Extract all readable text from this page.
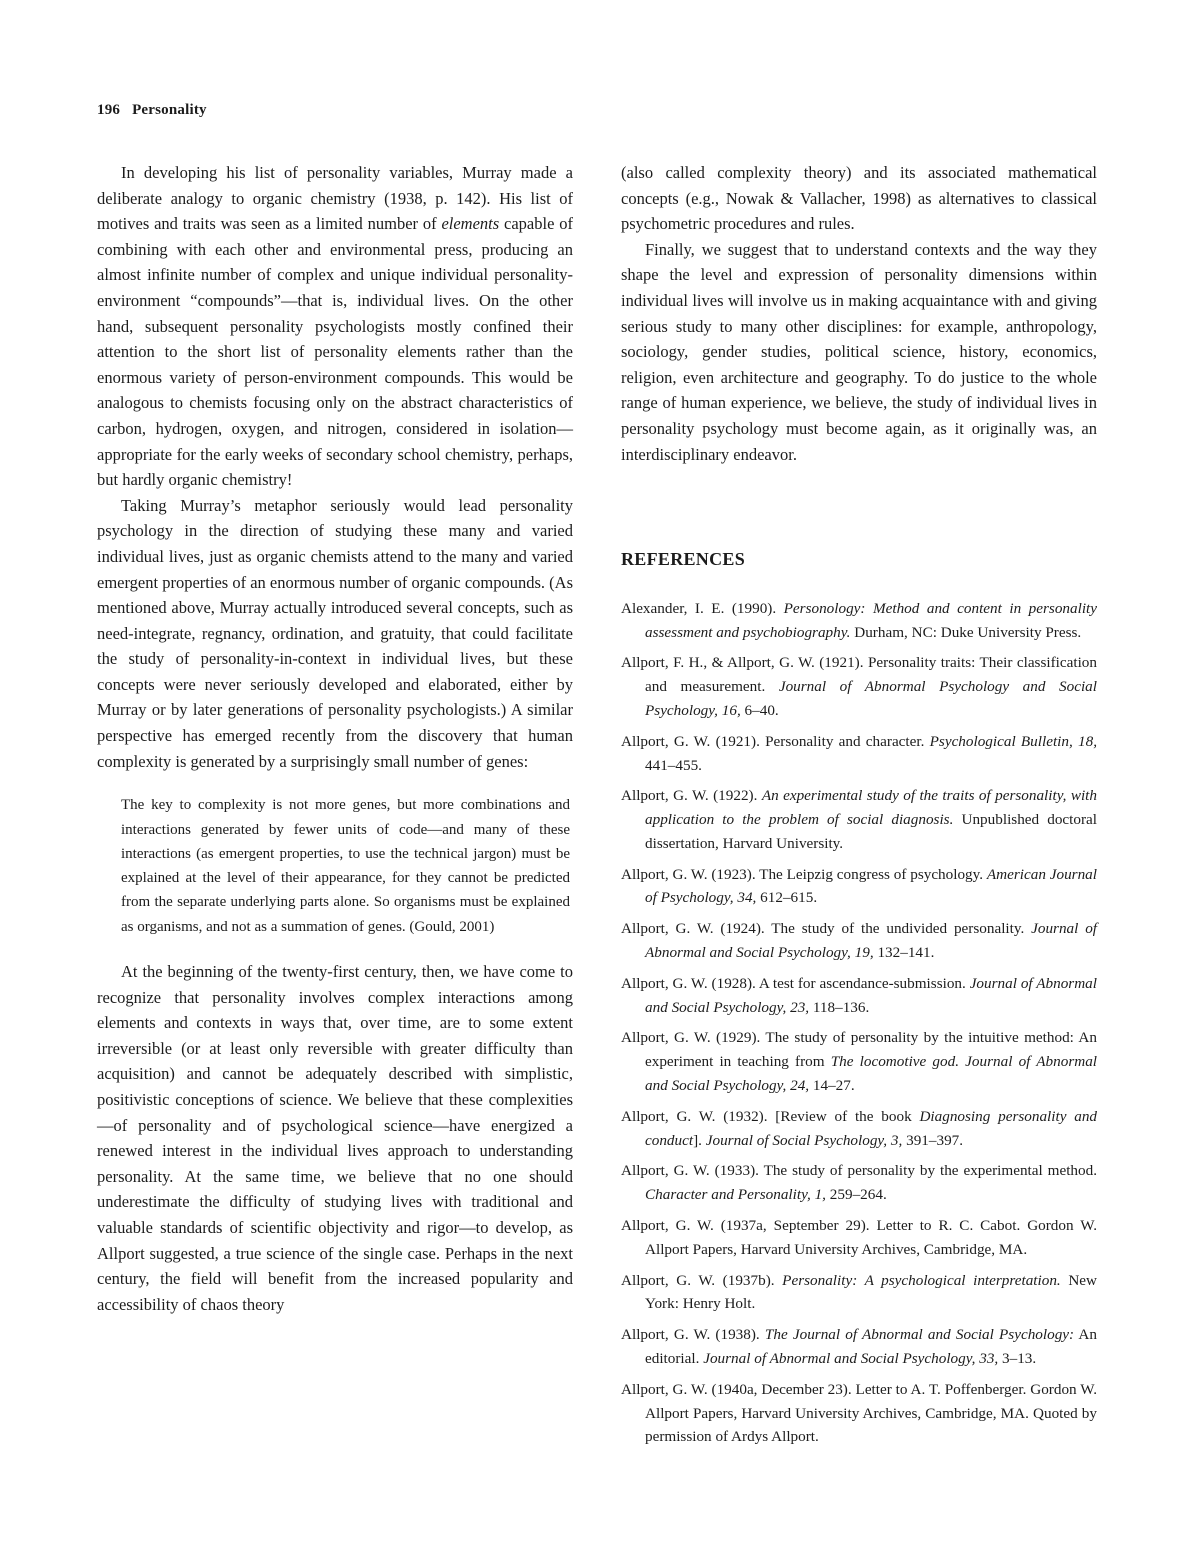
196 Personality

In developing his list of personality variables, Murray made a deliberate analogy to organic chemistry (1938, p. 142). His list of motives and traits was seen as a limited number of elements capable of combining with each other and environmental press, producing an almost infinite number of complex and unique individual personality-environment “compounds”—that is, individual lives. On the other hand, subsequent personality psychologists mostly confined their attention to the short list of personality elements rather than the enormous variety of person-environment compounds. This would be analogous to chemists focusing only on the abstract characteristics of carbon, hydrogen, oxygen, and nitrogen, considered in isolation—appropriate for the early weeks of secondary school chemistry, perhaps, but hardly organic chemistry!

Taking Murray’s metaphor seriously would lead personality psychology in the direction of studying these many and varied individual lives, just as organic chemists attend to the many and varied emergent properties of an enormous number of organic compounds. (As mentioned above, Murray actually introduced several concepts, such as need-integrate, regnancy, ordination, and gratuity, that could facilitate the study of personality-in-context in individual lives, but these concepts were never seriously developed and elaborated, either by Murray or by later generations of personality psychologists.) A similar perspective has emerged recently from the discovery that human complexity is generated by a surprisingly small number of genes:

The key to complexity is not more genes, but more combinations and interactions generated by fewer units of code—and many of these interactions (as emergent properties, to use the technical jargon) must be explained at the level of their appearance, for they cannot be predicted from the separate underlying parts alone. So organisms must be explained as organisms, and not as a summation of genes. (Gould, 2001)

At the beginning of the twenty-first century, then, we have come to recognize that personality involves complex interactions among elements and contexts in ways that, over time, are to some extent irreversible (or at least only reversible with greater difficulty than acquisition) and cannot be adequately described with simplistic, positivistic conceptions of science. We believe that these complexities—of personality and of psychological science—have energized a renewed interest in the individual lives approach to understanding personality. At the same time, we believe that no one should underestimate the difficulty of studying lives with traditional and valuable standards of scientific objectivity and rigor—to develop, as Allport suggested, a true science of the single case. Perhaps in the next century, the field will benefit from the increased popularity and accessibility of chaos theory

(also called complexity theory) and its associated mathematical concepts (e.g., Nowak & Vallacher, 1998) as alternatives to classical psychometric procedures and rules.

Finally, we suggest that to understand contexts and the way they shape the level and expression of personality dimensions within individual lives will involve us in making acquaintance with and giving serious study to many other disciplines: for example, anthropology, sociology, gender studies, political science, history, economics, religion, even architecture and geography. To do justice to the whole range of human experience, we believe, the study of individual lives in personality psychology must become again, as it originally was, an interdisciplinary endeavor.

REFERENCES
Alexander, I. E. (1990). Personology: Method and content in personality assessment and psychobiography. Durham, NC: Duke University Press.
Allport, F. H., & Allport, G. W. (1921). Personality traits: Their classification and measurement. Journal of Abnormal Psychology and Social Psychology, 16, 6–40.
Allport, G. W. (1921). Personality and character. Psychological Bulletin, 18, 441–455.
Allport, G. W. (1922). An experimental study of the traits of personality, with application to the problem of social diagnosis. Unpublished doctoral dissertation, Harvard University.
Allport, G. W. (1923). The Leipzig congress of psychology. American Journal of Psychology, 34, 612–615.
Allport, G. W. (1924). The study of the undivided personality. Journal of Abnormal and Social Psychology, 19, 132–141.
Allport, G. W. (1928). A test for ascendance-submission. Journal of Abnormal and Social Psychology, 23, 118–136.
Allport, G. W. (1929). The study of personality by the intuitive method: An experiment in teaching from The locomotive god. Journal of Abnormal and Social Psychology, 24, 14–27.
Allport, G. W. (1932). [Review of the book Diagnosing personality and conduct]. Journal of Social Psychology, 3, 391–397.
Allport, G. W. (1933). The study of personality by the experimental method. Character and Personality, 1, 259–264.
Allport, G. W. (1937a, September 29). Letter to R. C. Cabot. Gordon W. Allport Papers, Harvard University Archives, Cambridge, MA.
Allport, G. W. (1937b). Personality: A psychological interpretation. New York: Henry Holt.
Allport, G. W. (1938). The Journal of Abnormal and Social Psychology: An editorial. Journal of Abnormal and Social Psychology, 33, 3–13.
Allport, G. W. (1940a, December 23). Letter to A. T. Poffenberger. Gordon W. Allport Papers, Harvard University Archives, Cambridge, MA. Quoted by permission of Ardys Allport.
